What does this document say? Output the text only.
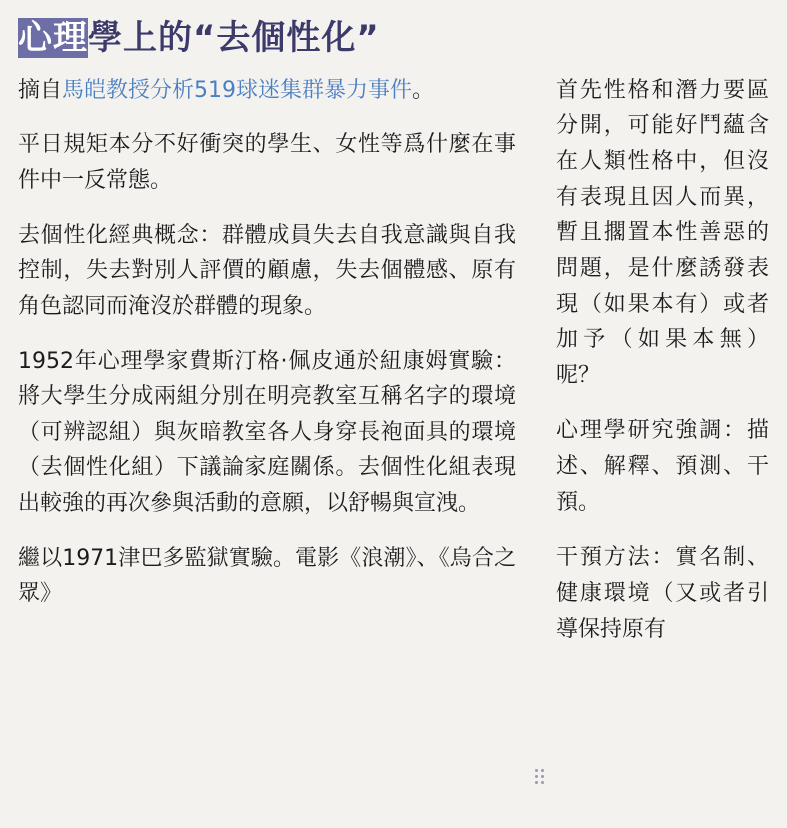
心理學上的“去個性化”

摘自馬皑教授分析519球迷集群暴力事件。

平日規矩本分不好衝突的學生、女性等爲什麼在事件中一反常態。

去個性化經典概念：群體成員失去自我意識與自我控制，失去對別人評價的顧慮，失去個體感、原有角色認同而淹沒於群體的現象。

1952年心理學家費斯汀格·佩皮通於紐康姆實驗：將大學生分成兩組分別在明亮教室互稱名字的環境（可辨認組）與灰暗教室各人身穿長袍面具的環境（去個性化組）下議論家庭關係。去個性化組表現出較強的再次參與活動的意願，以舒暢與宣洩。

繼以1971津巴多監獄實驗。電影《浪潮》、《烏合之眾》

首先性格和潛力要區分開，可能好鬥蘊含在人類性格中，但沒有表現且因人而異，暫且擱置本性善惡的問題，是什麼誘發表現（如果本有）或者加予（如果本無）呢？

心理學研究強調：描述、解釋、預測、干預。

干預方法：實名制、健康環境（又或者引導保持原有
